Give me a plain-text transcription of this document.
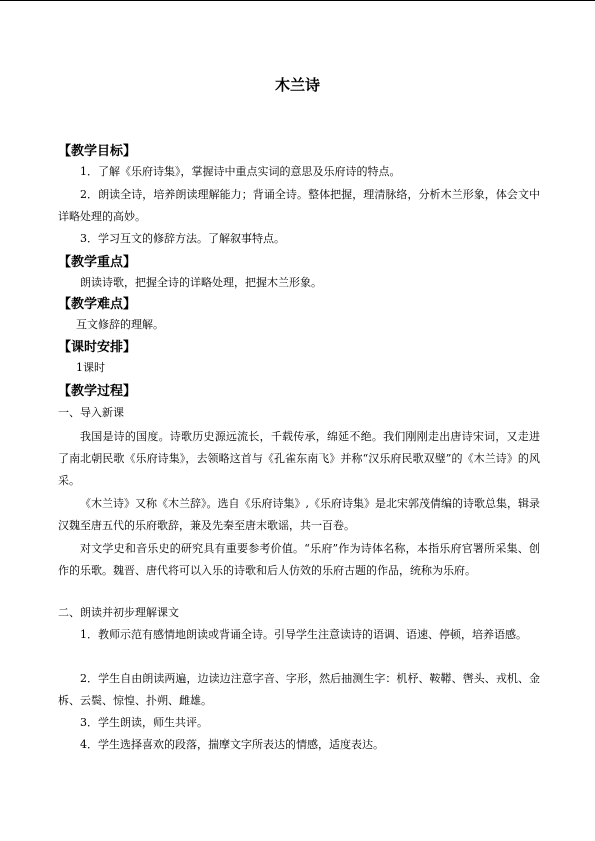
木兰诗
【教学目标】
1．了解《乐府诗集》，掌握诗中重点实词的意思及乐府诗的特点。
2．朗读全诗，培养朗读理解能力；背诵全诗。整体把握，理清脉络，分析木兰形象，体会文中详略处理的高妙。
3．学习互文的修辞方法。了解叙事特点。
【教学重点】
朗读诗歌，把握全诗的详略处理，把握木兰形象。
【教学难点】
互文修辞的理解。
【课时安排】
1课时
【教学过程】
一、导入新课
我国是诗的国度。诗歌历史源远流长，千载传承，绵延不绝。我们刚刚走出唐诗宋词，又走进了南北朝民歌《乐府诗集》，去领略这首与《孔雀东南飞》并称“汉乐府民歌双璧”的《木兰诗》的风采。
《木兰诗》又称《木兰辞》。选自《乐府诗集》,《乐府诗集》是北宋郭茂倩编的诗歌总集，辑录汉魏至唐五代的乐府歌辞，兼及先秦至唐末歌谣，共一百卷。
对文学史和音乐史的研究具有重要参考价值。“乐府”作为诗体名称，本指乐府官署所采集、创作的乐歌。魏晋、唐代将可以入乐的诗歌和后人仿效的乐府古题的作品，统称为乐府。
二、朗读并初步理解课文
1．教师示范有感情地朗读或背诵全诗。引导学生注意读诗的语调、语速、停顿，培养语感。
2．学生自由朗读两遍，边读边注意字音、字形，然后抽测生字：机杼、鞍鞯、辔头、戎机、金柝、云鬓、惊惶、扑朔、雌雄。
3．学生朗读，师生共评。
4．学生选择喜欢的段落，揣摩文字所表达的情感，适度表达。
